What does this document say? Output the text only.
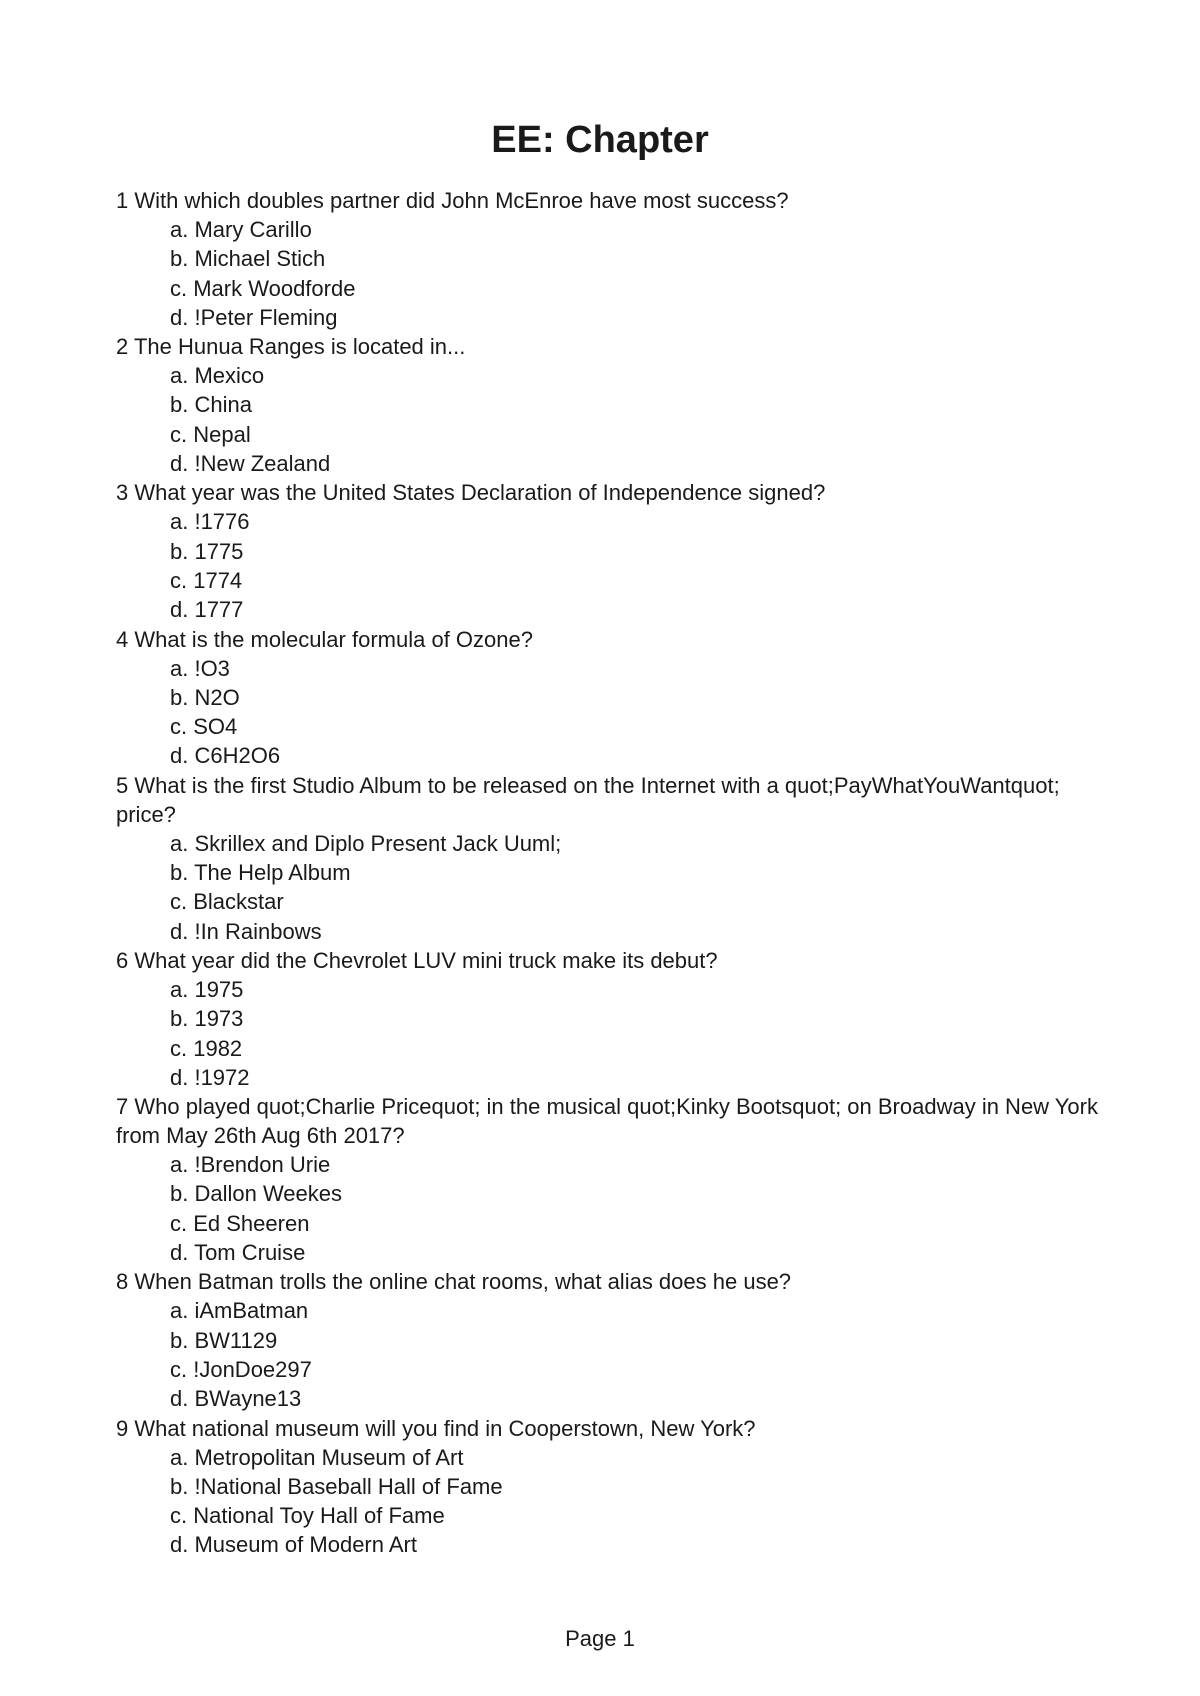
EE: Chapter

1 With which doubles partner did John McEnroe have most success?

a. Mary Carillo
b. Michael Stich
c. Mark Woodforde
d. !Peter Fleming

2 The Hunua Ranges is located in...

a. Mexico
b. China
c. Nepal
d. !New Zealand

3 What year was the United States Declaration of Independence signed?

a. !1776
b. 1775
c. 1774
d. 1777

4 What is the molecular formula of Ozone?

a. !O3
b. N2O
c. SO4
d. C6H2O6

5 What is the first Studio Album to be released on the Internet with a quot;PayWhatYouWantquot; price?

a. Skrillex and Diplo Present Jack Uuml;
b. The Help Album
c. Blackstar
d. !In Rainbows

6 What year did the Chevrolet LUV mini truck make its debut?

a. 1975
b. 1973
c. 1982
d. !1972

7 Who played quot;Charlie Pricequot; in the musical quot;Kinky Bootsquot; on Broadway in New York from May 26th Aug 6th 2017?

a. !Brendon Urie
b. Dallon Weekes
c. Ed Sheeren
d. Tom Cruise

8 When Batman trolls the online chat rooms, what alias does he use?

a. iAmBatman
b. BW1129
c. !JonDoe297
d. BWayne13

9 What national museum will you find in Cooperstown, New York?

a. Metropolitan Museum of Art
b. !National Baseball Hall of Fame
c. National Toy Hall of Fame
d. Museum of Modern Art
Page 1
